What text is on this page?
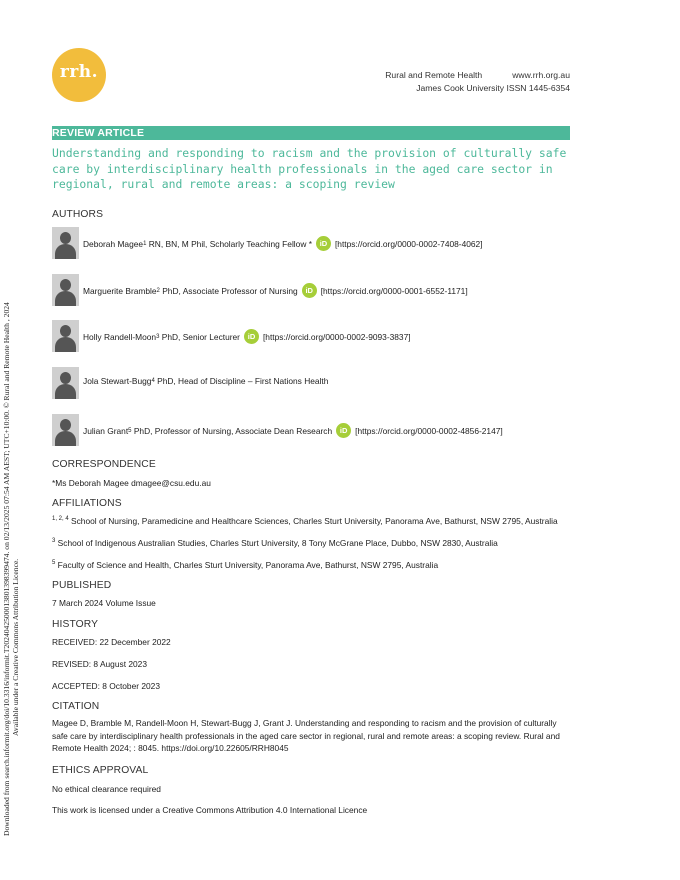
Downloaded from search.informit.org/doi/10.3316/informit.T2024042500013801398399474. on 02/13/2025 07:54 AM AEST; UTC+10:00. © Rural and Remote Health , 2024 Available under a Creative Commons Attribution Licence.
rrh.	Rural and Remote Health	www.rrh.org.au
James Cook University ISSN 1445-6354
REVIEW ARTICLE
Understanding and responding to racism and the provision of culturally safe care by interdisciplinary health professionals in the aged care sector in regional, rural and remote areas: a scoping review
AUTHORS
Deborah Magee 1
RN, BN, M Phil, Scholarly Teaching Fellow *	iD [https://orcid.org/0000-0002-7408-4062]
Marguerite Bramble 2
PhD, Associate Professor of Nursing	iD [https://orcid.org/0000-0001-6552-1171]
Holly Randell-Moon 3
PhD, Senior Lecturer	iD [https://orcid.org/0000-0002-9093-3837]
Jola Stewart-Bugg 4
PhD, Head of Discipline – First Nations Health
Julian Grant 5
PhD, Professor of Nursing, Associate Dean Research	iD [https://orcid.org/0000-0002-4856-2147]
CORRESPONDENCE
*Ms Deborah Magee dmagee@csu.edu.au
AFFILIATIONS
$^{1, 2, 4}$ School of Nursing, Paramedicine and Healthcare Sciences, Charles Sturt University, Panorama Ave, Bathurst, NSW 2795, Australia
$^3$ School of Indigenous Australian Studies, Charles Sturt University, 8 Tony McGrane Place, Dubbo, NSW 2830, Australia
$^5$ Faculty of Science and Health, Charles Sturt University, Panorama Ave, Bathurst, NSW 2795, Australia
PUBLISHED
7 March 2024 Volume Issue
HISTORY
RECEIVED: 22 December 2022
REVISED: 8 August 2023
ACCEPTED: 8 October 2023
CITATION
Magee D, Bramble M, Randell-Moon H, Stewart-Bugg J, Grant J. Understanding and responding to racism and the provision of culturally safe care by interdisciplinary health professionals in the aged care sector in regional, rural and remote areas: a scoping review. Rural and Remote Health 2024; : 8045. https://doi.org/10.22605/RRH8045
ETHICS APPROVAL
No ethical clearance required
This work is licensed under a Creative Commons Attribution 4.0 International Licence
